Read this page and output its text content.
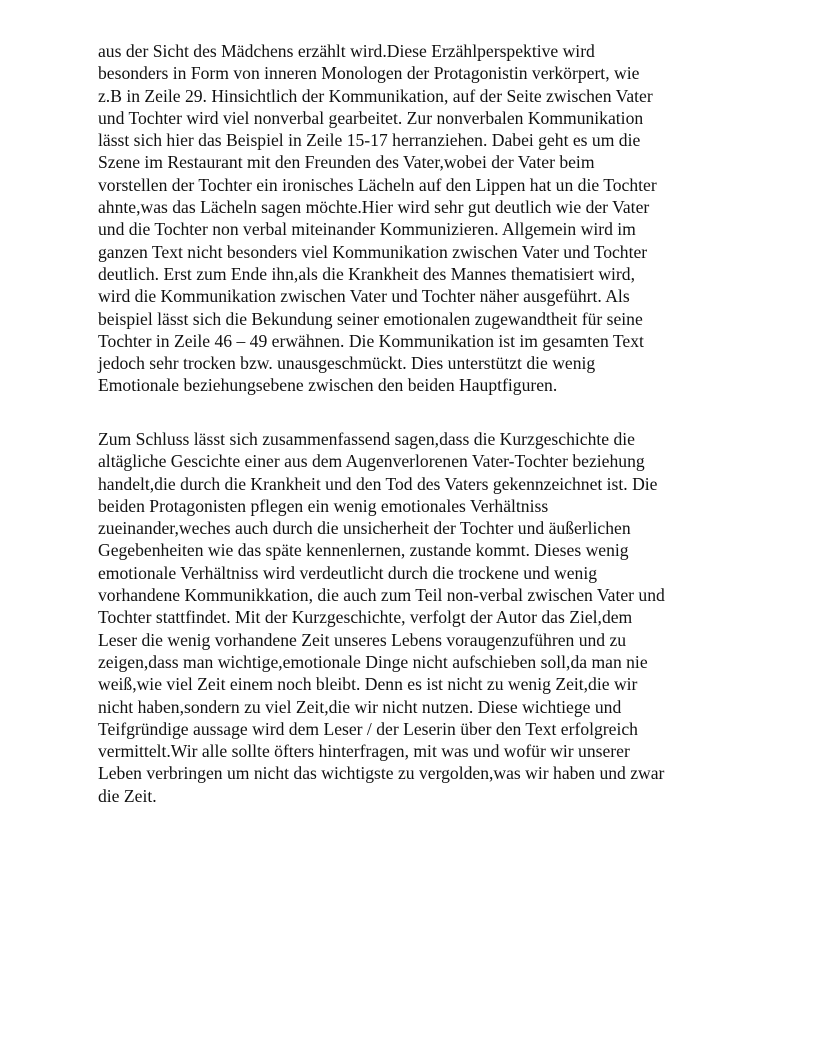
aus der Sicht des Mädchens erzählt wird.Diese Erzählperspektive wird
besonders in Form von inneren Monologen der Protagonistin verkörpert, wie
z.B in Zeile 29. Hinsichtlich der Kommunikation, auf der Seite zwischen Vater
und Tochter wird viel nonverbal gearbeitet. Zur nonverbalen Kommunikation
lässt sich hier das Beispiel in Zeile 15-17 herranziehen. Dabei geht es um die
Szene im Restaurant mit den Freunden des Vater,wobei der Vater beim
vorstellen der Tochter ein ironisches Lächeln auf den Lippen hat un die Tochter
ahnte,was das Lächeln sagen möchte.Hier wird sehr gut deutlich wie der Vater
und die Tochter non verbal miteinander Kommunizieren. Allgemein wird im
ganzen Text nicht besonders viel Kommunikation zwischen Vater und Tochter
deutlich. Erst zum Ende ihn,als die Krankheit des Mannes thematisiert wird,
wird die Kommunikation zwischen Vater und Tochter näher ausgeführt. Als
beispiel lässt sich die Bekundung seiner emotionalen zugewandtheit für seine
Tochter in Zeile 46 – 49 erwähnen. Die Kommunikation ist im gesamten Text
jedoch sehr trocken bzw. unausgeschmückt. Dies unterstützt die wenig
Emotionale beziehungsebene zwischen den beiden Hauptfiguren.
Zum Schluss lässt sich zusammenfassend sagen,dass die Kurzgeschichte die
altägliche Gescichte einer aus dem Augenverlorenen Vater-Tochter beziehung
handelt,die durch die Krankheit und den Tod des Vaters gekennzeichnet ist. Die
beiden Protagonisten pflegen ein wenig emotionales Verhältniss
zueinander,weches auch durch die unsicherheit der Tochter und äußerlichen
Gegebenheiten wie das späte kennenlernen, zustande kommt. Dieses wenig
emotionale Verhältniss wird verdeutlicht durch die trockene und wenig
vorhandene Kommunikkation, die auch zum Teil non-verbal zwischen Vater und
Tochter stattfindet. Mit der Kurzgeschichte, verfolgt der Autor das Ziel,dem
Leser die wenig vorhandene Zeit unseres Lebens voraugenzuführen und zu
zeigen,dass man wichtige,emotionale Dinge nicht aufschieben soll,da man nie
weiß,wie viel Zeit einem noch bleibt. Denn es ist nicht zu wenig Zeit,die wir
nicht haben,sondern zu viel Zeit,die wir nicht nutzen. Diese wichtiege und
Teifgründige aussage wird dem Leser / der Leserin über den Text erfolgreich
vermittelt.Wir alle sollte öfters hinterfragen, mit was und wofür wir unserer
Leben verbringen um nicht das wichtigste zu vergolden,was wir haben und zwar
die Zeit.
